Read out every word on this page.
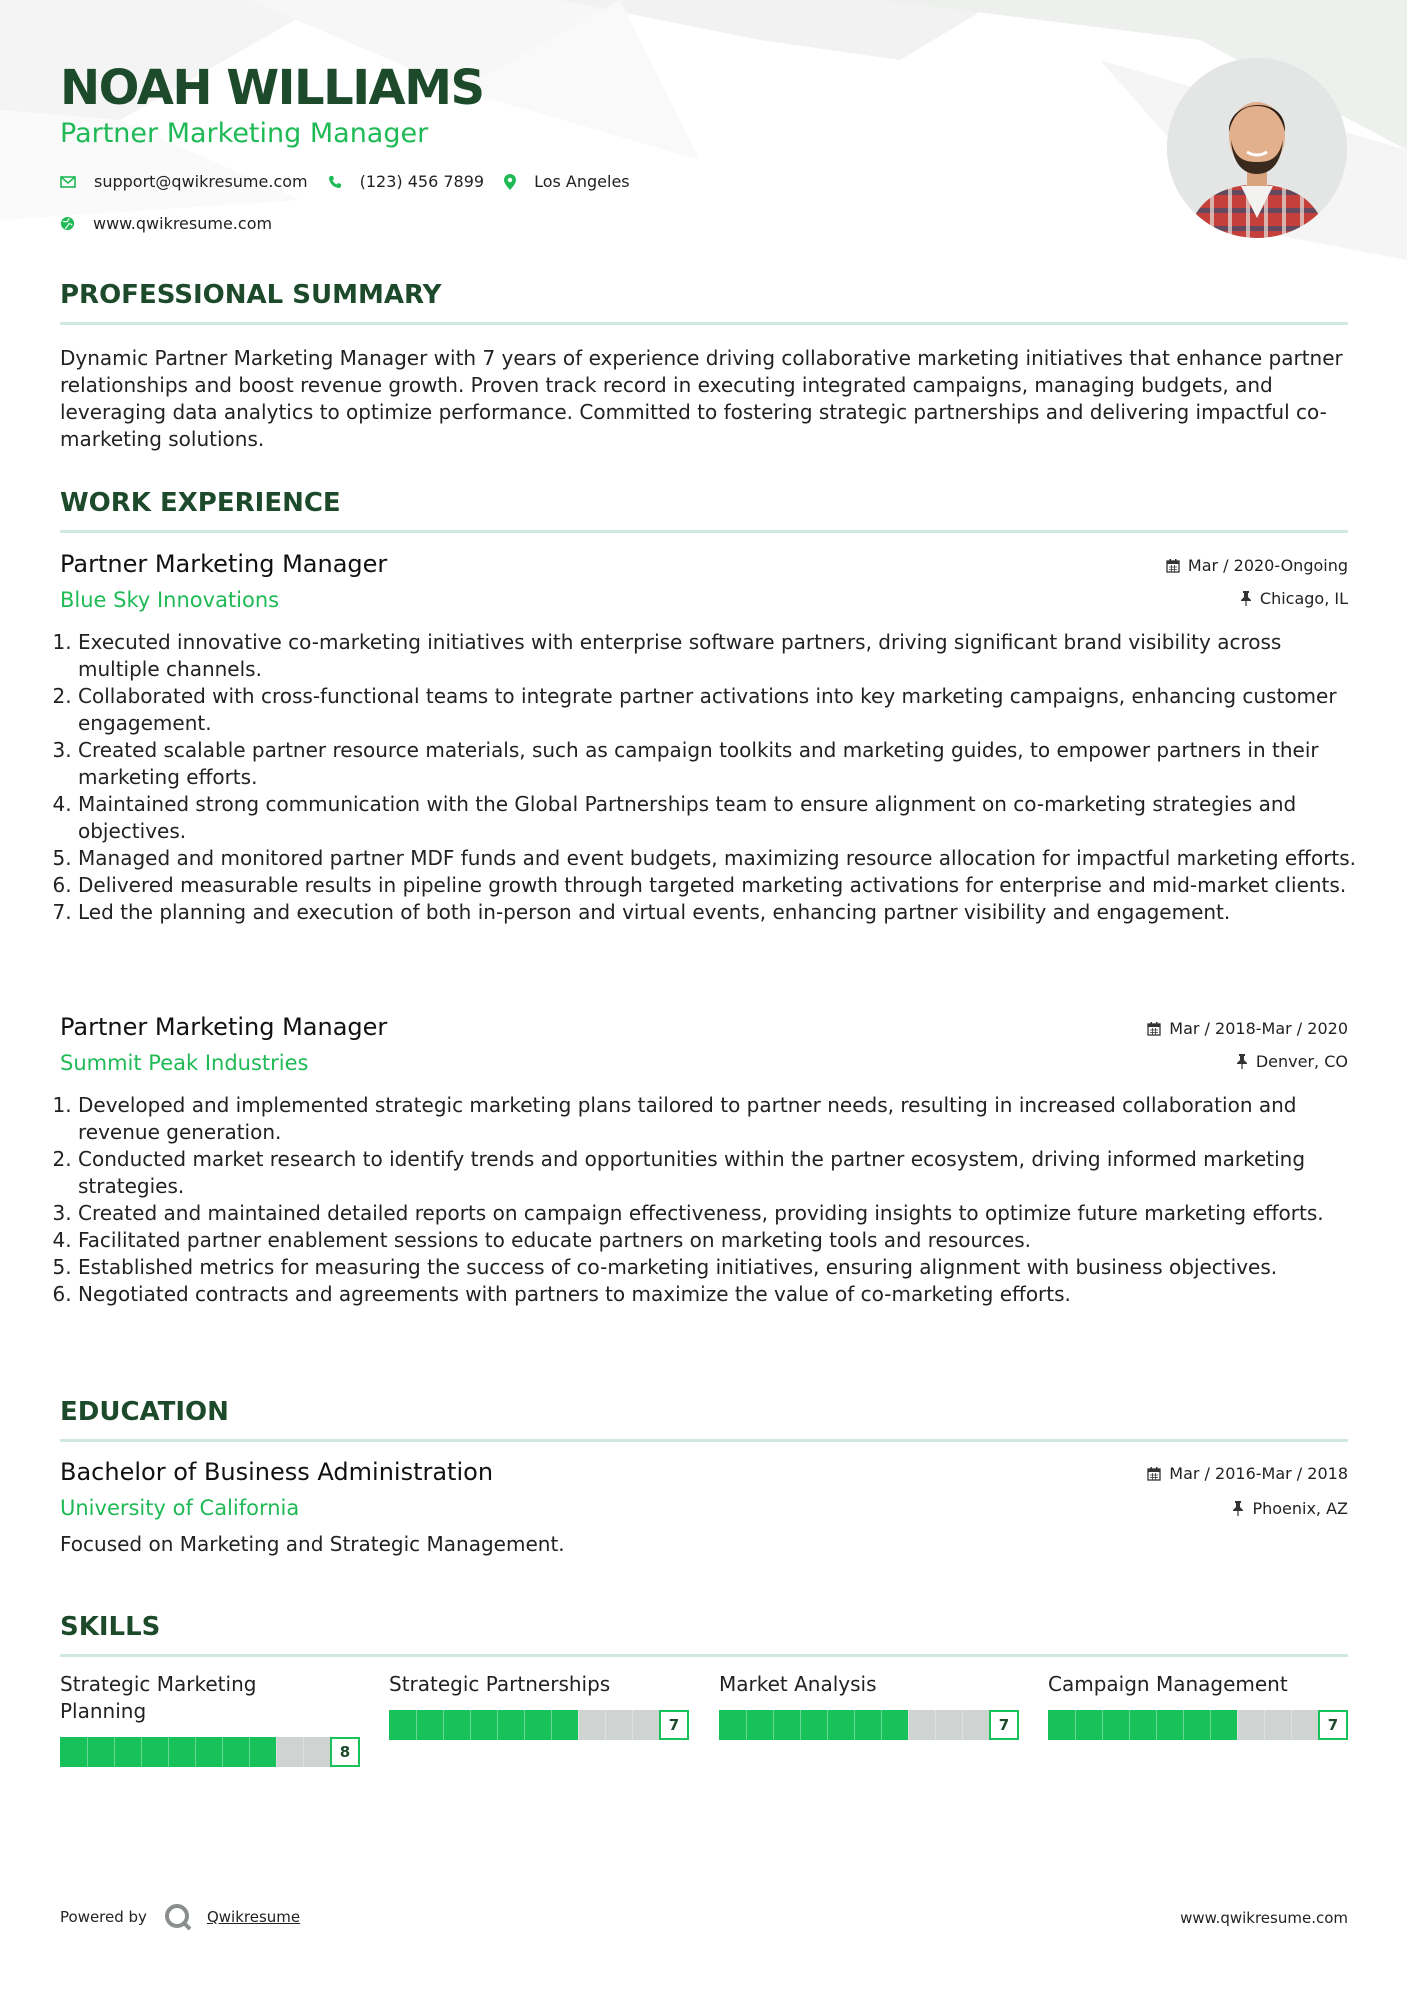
NOAH WILLIAMS
Partner Marketing Manager
support@qwikresume.com	(123) 456 7899	Los Angeles
www.qwikresume.com
PROFESSIONAL SUMMARY
Dynamic Partner Marketing Manager with 7 years of experience driving collaborative marketing initiatives that enhance partner relationships and boost revenue growth. Proven track record in executing integrated campaigns, managing budgets, and leveraging data analytics to optimize performance. Committed to fostering strategic partnerships and delivering impactful co-marketing solutions.
WORK EXPERIENCE
Partner Marketing Manager
Blue Sky Innovations
Mar / 2020-Ongoing
Chicago, IL
1. Executed innovative co-marketing initiatives with enterprise software partners, driving significant brand visibility across multiple channels.
2. Collaborated with cross-functional teams to integrate partner activations into key marketing campaigns, enhancing customer engagement.
3. Created scalable partner resource materials, such as campaign toolkits and marketing guides, to empower partners in their marketing efforts.
4. Maintained strong communication with the Global Partnerships team to ensure alignment on co-marketing strategies and objectives.
5. Managed and monitored partner MDF funds and event budgets, maximizing resource allocation for impactful marketing efforts.
6. Delivered measurable results in pipeline growth through targeted marketing activations for enterprise and mid-market clients.
7. Led the planning and execution of both in-person and virtual events, enhancing partner visibility and engagement.
Partner Marketing Manager
Summit Peak Industries
Mar / 2018-Mar / 2020
Denver, CO
1. Developed and implemented strategic marketing plans tailored to partner needs, resulting in increased collaboration and revenue generation.
2. Conducted market research to identify trends and opportunities within the partner ecosystem, driving informed marketing strategies.
3. Created and maintained detailed reports on campaign effectiveness, providing insights to optimize future marketing efforts.
4. Facilitated partner enablement sessions to educate partners on marketing tools and resources.
5. Established metrics for measuring the success of co-marketing initiatives, ensuring alignment with business objectives.
6. Negotiated contracts and agreements with partners to maximize the value of co-marketing efforts.
EDUCATION
Bachelor of Business Administration
University of California
Mar / 2016-Mar / 2018
Phoenix, AZ
Focused on Marketing and Strategic Management.
SKILLS
Strategic Marketing Planning
8
Strategic Partnerships
7
Market Analysis
7
Campaign Management
7
Powered by	Qwikresume	www.qwikresume.com
